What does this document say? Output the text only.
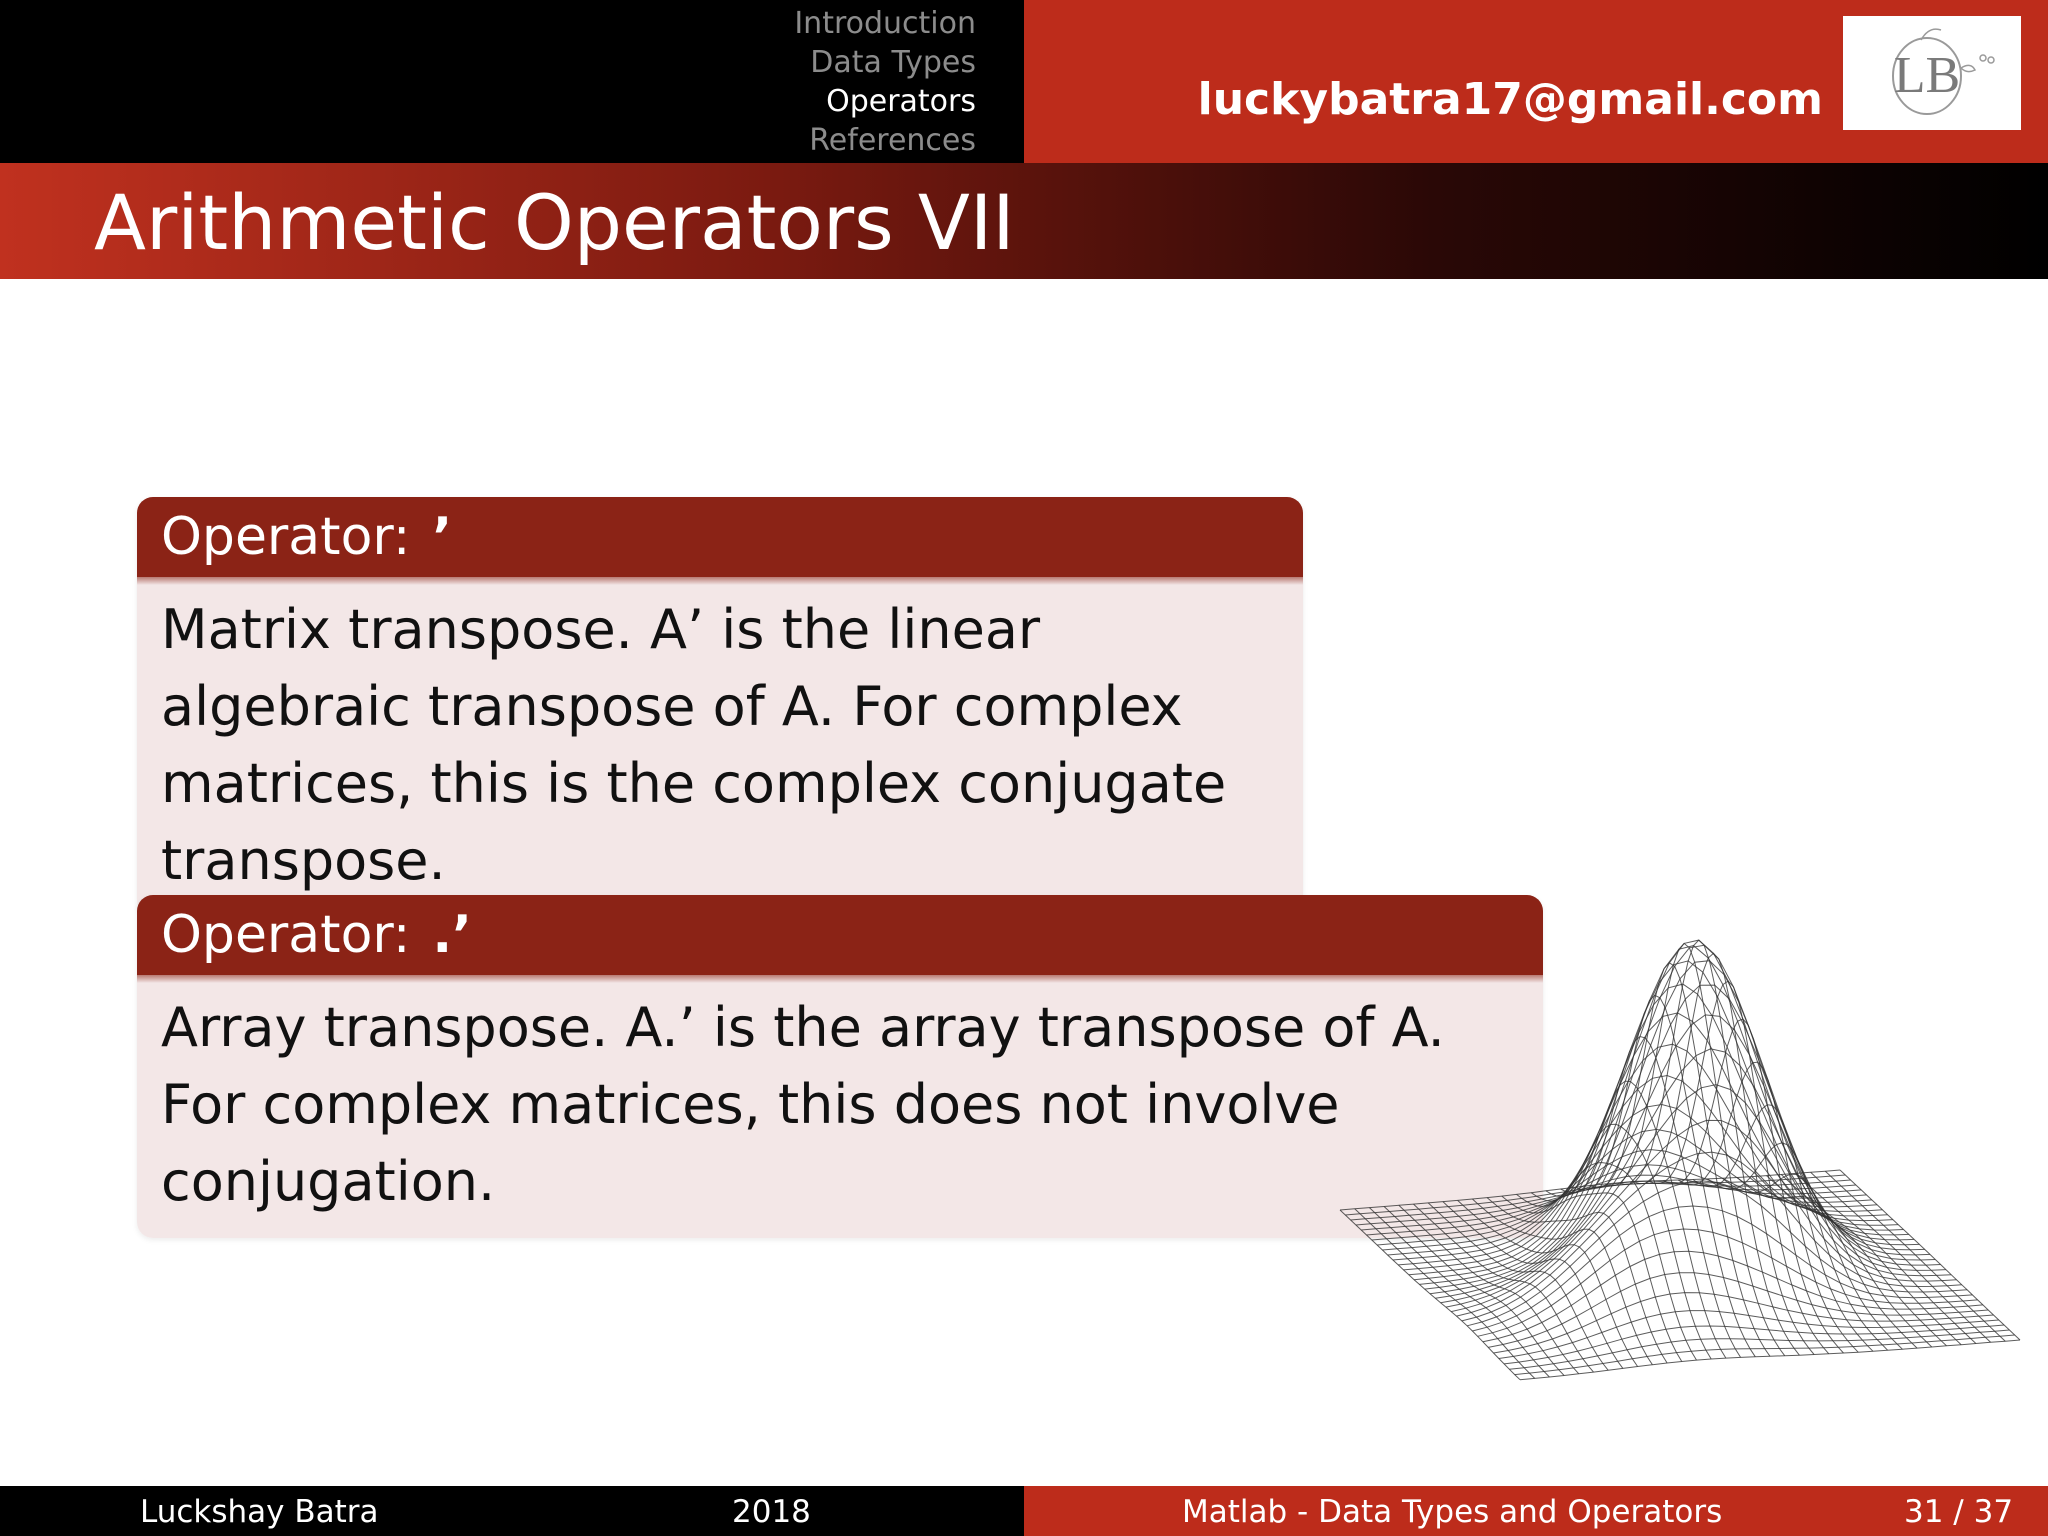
Introduction
Data Types
Operators
References
luckybatra17@gmail.com LB
Arithmetic Operators VII
Operator: ’
Matrix transpose. A’ is the linear algebraic transpose of A. For complex matrices, this is the complex conjugate transpose.
Operator: .’
Array transpose. A.’ is the array transpose of A. For complex matrices, this does not involve conjugation.
Luckshay Batra	2018	Matlab - Data Types and Operators	31 / 37
